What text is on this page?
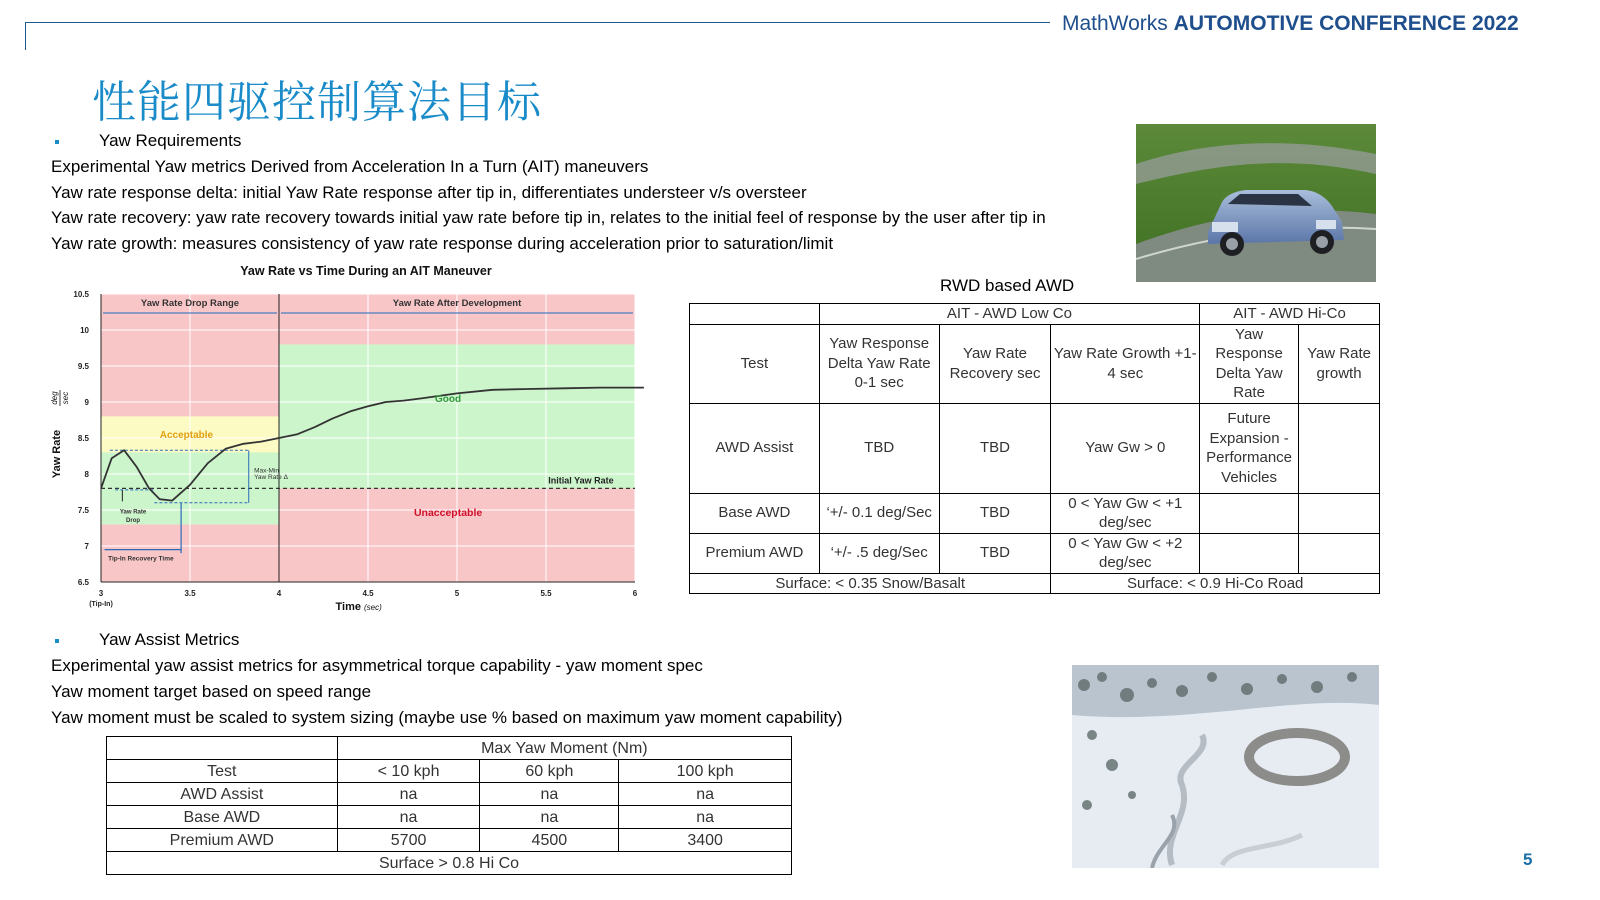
MathWorks AUTOMOTIVE CONFERENCE 2022
性能四驱控制算法目标
Yaw Requirements
Experimental Yaw metrics Derived from Acceleration In a Turn (AIT) maneuvers
Yaw rate response delta: initial Yaw Rate response after tip in, differentiates understeer v/s oversteer
Yaw rate recovery: yaw rate recovery towards initial yaw rate before tip in, relates to the initial feel of response by the user after tip in
Yaw rate growth: measures consistency of yaw rate response during acceleration prior to saturation/limit
3	3.5	4	4.5	5	5.5	6
(Tip-In)
6.5
7
7.5
8
8.5
9
9.5
10
10.5
Yaw Rate vs Time During an AIT Maneuver
Time (sec)
Yaw Rate
deg sec
Yaw Rate Drop Range	Yaw Rate After Development
Good
Acceptable
Unacceptable
Initial Yaw Rate
Max-Min
Yaw Rate Δ
Yaw Rate
Drop
Tip-In Recovery Time
RWD based AWD
	AIT - AWD Low Co			AIT - AWD Hi-Co	
Test	Yaw Response Delta Yaw Rate 0-1 sec	Yaw Rate Recovery sec	Yaw Rate Growth +1-4 sec	Yaw Response Delta Yaw Rate	Yaw Rate growth
AWD Assist	TBD	TBD	Yaw Gw > 0	Future Expansion - Performance Vehicles	
Base AWD	‘+/- 0.1 deg/Sec	TBD	0 < Yaw Gw < +1 deg/sec		
Premium AWD	‘+/- .5 deg/Sec	TBD	0 < Yaw Gw < +2 deg/sec		
Surface: < 0.35 Snow/Basalt			Surface: < 0.9 Hi-Co Road		
Yaw Assist Metrics
Experimental yaw assist metrics for asymmetrical torque capability - yaw moment spec
Yaw moment target based on speed range
Yaw moment must be scaled to system sizing (maybe use % based on maximum yaw moment capability)
	Max Yaw Moment (Nm)		
Test	< 10 kph	60 kph	100 kph
AWD Assist	na	na	na
Base AWD	na	na	na
Premium AWD	5700	4500	3400
Surface > 0.8 Hi Co				5
